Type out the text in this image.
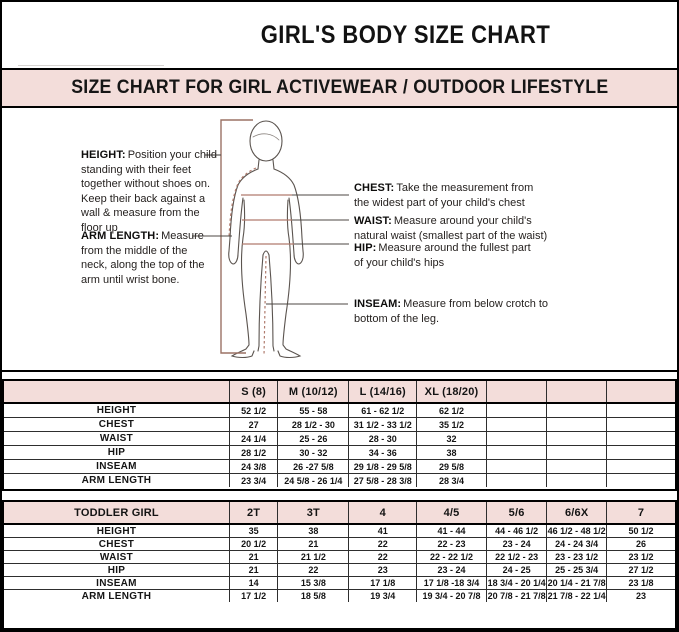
GIRL'S BODY SIZE CHART
SIZE CHART FOR GIRL ACTIVEWEAR / OUTDOOR LIFESTYLE
HEIGHT: Position your child standing with their feet together without shoes on. Keep their back against a wall & measure from the floor up
ARM LENGTH: Measure from the middle of the neck, along the top of the arm until wrist bone.
CHEST: Take the measurement from the widest part of your child's chest
WAIST: Measure around your child's natural waist (smallest part of the waist)
HIP: Measure around the fullest part of your child's hips
INSEAM: Measure from below crotch to bottom of the leg.
	S (8)	M (10/12)	L (14/16)	XL (18/20)			
HEIGHT	52 1/2	55 - 58	61 - 62 1/2	62 1/2			
CHEST	27	28 1/2 - 30	31 1/2 - 33 1/2	35 1/2			
WAIST	24 1/4	25 - 26	28 - 30	32			
HIP	28 1/2	30 - 32	34 - 36	38			
INSEAM	24 3/8	26 -27 5/8	29 1/8 - 29 5/8	29 5/8			
ARM LENGTH	23 3/4	24 5/8 - 26 1/4	27 5/8 - 28 3/8	28 3/4			
TODDLER GIRL	2T	3T	4	4/5	5/6	6/6X	7
HEIGHT	35	38	41	41 - 44	44 - 46 1/2	46 1/2 - 48 1/2	50 1/2
CHEST	20 1/2	21	22	22 - 23	23 - 24	24 - 24 3/4	26
WAIST	21	21 1/2	22	22 - 22 1/2	22 1/2 - 23	23 - 23 1/2	23 1/2
HIP	21	22	23	23 - 24	24 - 25	25 - 25 3/4	27 1/2
INSEAM	14	15 3/8	17 1/8	17 1/8 -18 3/4	18 3/4 - 20 1/4	20 1/4 - 21 7/8	23 1/8
ARM LENGTH	17 1/2	18 5/8	19 3/4	19 3/4 - 20 7/8	20 7/8 - 21 7/8	21 7/8 - 22 1/4	23
